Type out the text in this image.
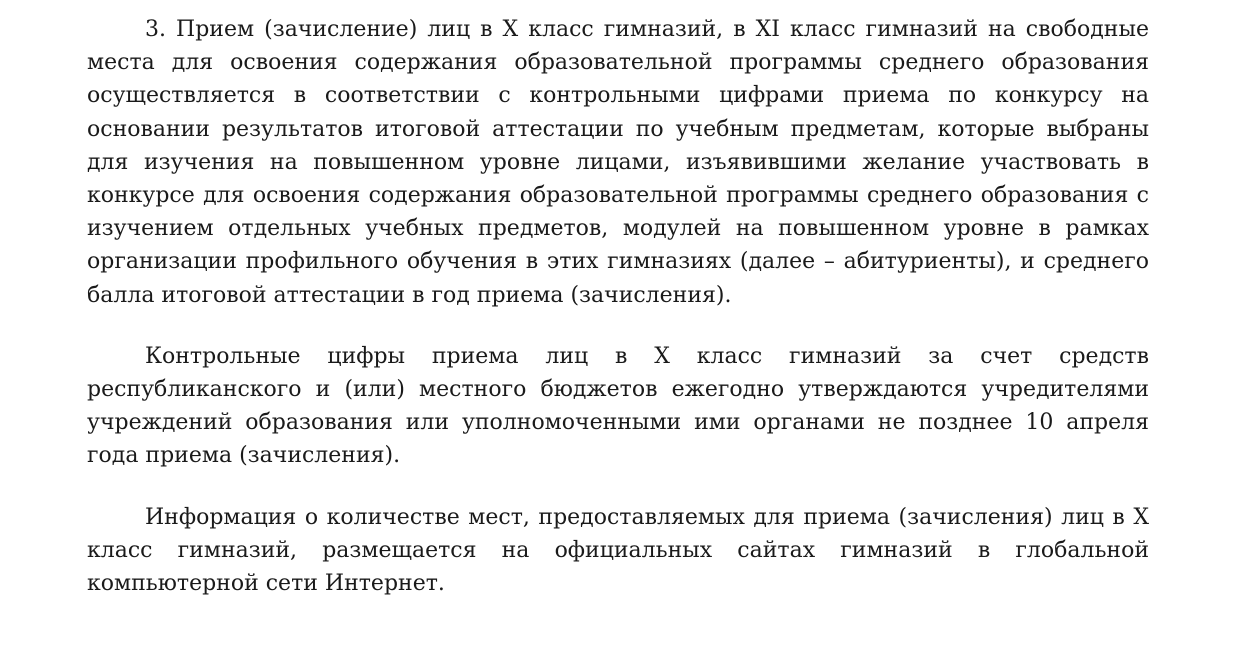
3. Прием (зачисление) лиц в X класс гимназий, в XI класс гимназий на свободные места для освоения содержания образовательной программы среднего образования осуществляется в соответствии с контрольными цифрами приема по конкурсу на основании результатов итоговой аттестации по учебным предметам, которые выбраны для изучения на повышенном уровне лицами, изъявившими желание участвовать в конкурсе для освоения содержания образовательной программы среднего образования с изучением отдельных учебных предметов, модулей на повышенном уровне в рамках организации профильного обучения в этих гимназиях (далее – абитуриенты), и среднего балла итоговой аттестации в год приема (зачисления).

Контрольные цифры приема лиц в X класс гимназий за счет средств республиканского и (или) местного бюджетов ежегодно утверждаются учредителями учреждений образования или уполномоченными ими органами не позднее 10 апреля года приема (зачисления).

Информация о количестве мест, предоставляемых для приема (зачисления) лиц в X класс гимназий, размещается на официальных сайтах гимназий в глобальной компьютерной сети Интернет.
